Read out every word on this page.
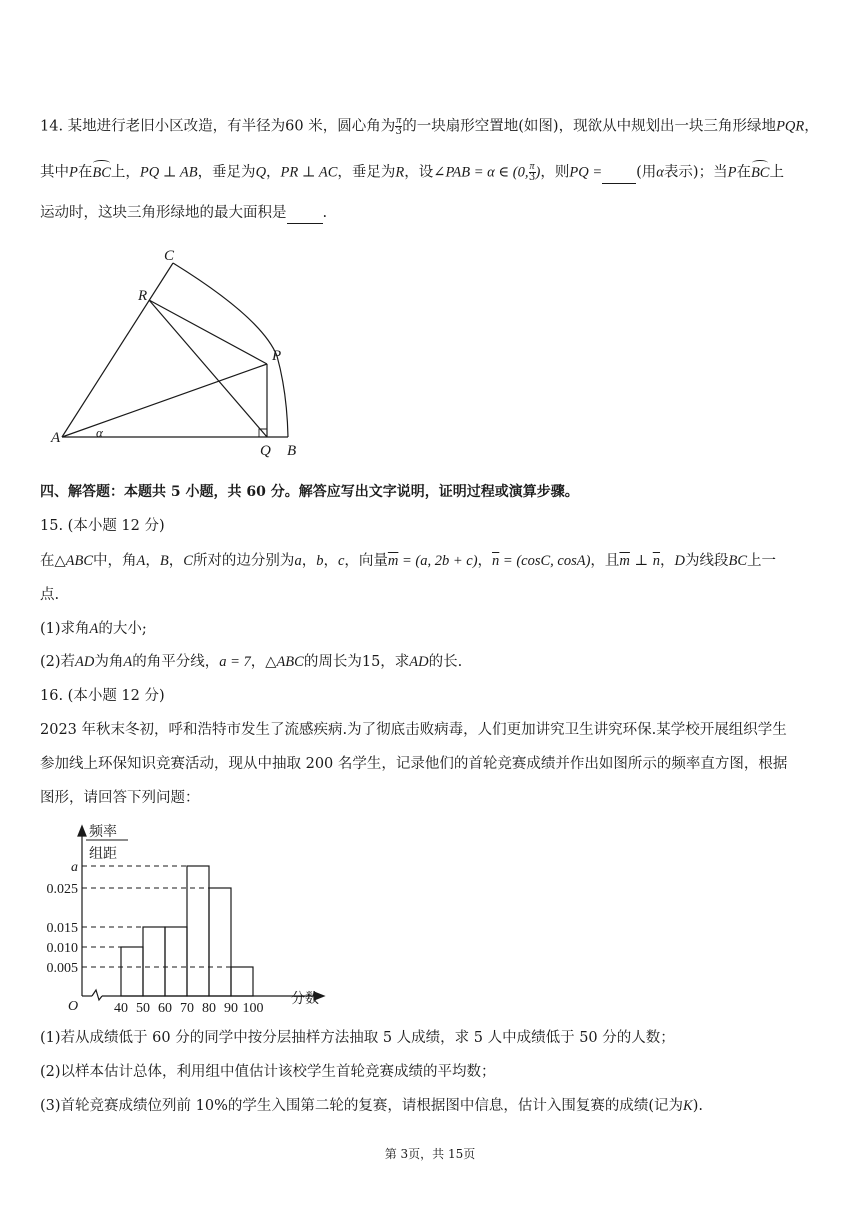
14. 某地进行老旧小区改造，有半径为60 米，圆心角为 $\frac{\pi}{3}$ 的一块扇形空置地(如图)，现欲从中规划出一块三角形绿地PQR，
其中P在BC上，PQ ⊥ AB，垂足为Q，PR ⊥ AC，垂足为R，设∠PAB = α ∈ (0, $\frac{\pi}{3}$ )，则PQ = (用α表示)；当P在BC上
运动时，这块三角形绿地的最大面积是 .
C
R
P
A	α
Q B
四、解答题：本题共 5 小题，共 60 分。解答应写出文字说明，证明过程或演算步骤。
15. (本小题 12 分)
在△ABC中，角A，B，C所对的边分别为a，b，c，向量$\overline{m} = (a$, 2b + c)，$\overline{n} = (\cos C$, cosA)，且$\overline{m}$ ⊥ $\overline{n}$，D为线段BC上一
点.
(1)求角A的大小;
(2)若AD为角A的角平分线，a = 7，△ABC的周长为15，求AD的长.
16. (本小题 12 分)
2023 年秋末冬初，呼和浩特市发生了流感疾病.为了彻底击败病毒，人们更加讲究卫生讲究环保.某学校开展组织学生
参加线上环保知识竞赛活动，现从中抽取 200 名学生，记录他们的首轮竞赛成绩并作出如图所示的频率直方图，根据
图形，请回答下列问题：
频率
组距
分数
O
a
0.025
0.015
0.010
0.005
40 50 60 70 80 90 100
(1)若从成绩低于 60 分的同学中按分层抽样方法抽取 5 人成绩，求 5 人中成绩低于 50 分的人数；
(2)以样本估计总体，利用组中值估计该校学生首轮竞赛成绩的平均数；
(3)首轮竞赛成绩位列前 10%的学生入围第二轮的复赛，请根据图中信息，估计入围复赛的成绩(记为K).
第 3页，共 15页
